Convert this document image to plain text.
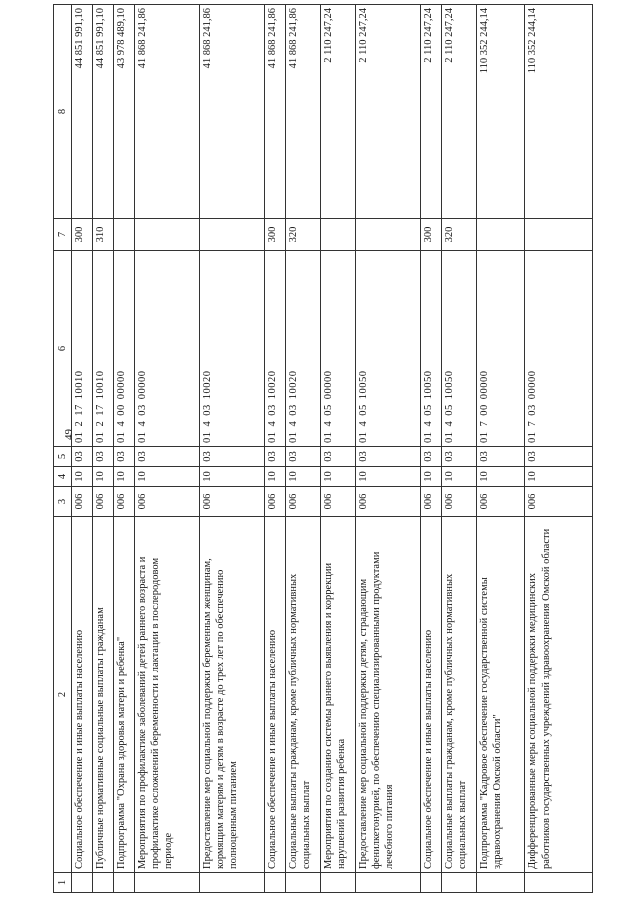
49
1	2	3	4	5	6	7	8
	Социальное обеспечение и иные выплаты населению	006	10	03	0121710010	300	44 851 991,10
	Публичные нормативные социальные выплаты гражданам	006	10	03	0121710010	310	44 851 991,10
	Подпрограмма "Охрана здоровья матери и ребенка"	006	10	03	0140000000		43 978 489,10
	Мероприятия по профилактике заболеваний детей раннего возраста и профилактике осложнений беременности и лактации в послеродовом периоде	006	10	03	0140300000		41 868 241,86
	Предоставление мер социальной поддержки беременным женщинам, кормящим матерям и детям в возрасте до трех лет по обеспечению полноценным питанием	006	10	03	0140310020		41 868 241,86
	Социальное обеспечение и иные выплаты населению	006	10	03	0140310020	300	41 868 241,86
	Социальные выплаты гражданам, кроме публичных нормативных социальных выплат	006	10	03	0140310020	320	41 868 241,86
	Мероприятия по созданию системы раннего выявления и коррекции нарушений развития ребенка	006	10	03	0140500000		2 110 247,24
	Предоставление мер социальной поддержки детям, страдающим фенилкетонурией, по обеспечению специализированными продуктами лечебного питания	006	10	03	0140510050		2 110 247,24
	Социальное обеспечение и иные выплаты населению	006	10	03	0140510050	300	2 110 247,24
	Социальные выплаты гражданам, кроме публичных нормативных социальных выплат	006	10	03	0140510050	320	2 110 247,24
	Подпрограмма "Кадровое обеспечение государственной системы здравоохранения Омской области"	006	10	03	0170000000		110 352 244,14
	Дифференцированные меры социальной поддержки медицинских работников государственных учреждений здравоохранения Омской области	006	10	03	0170300000		110 352 244,14
